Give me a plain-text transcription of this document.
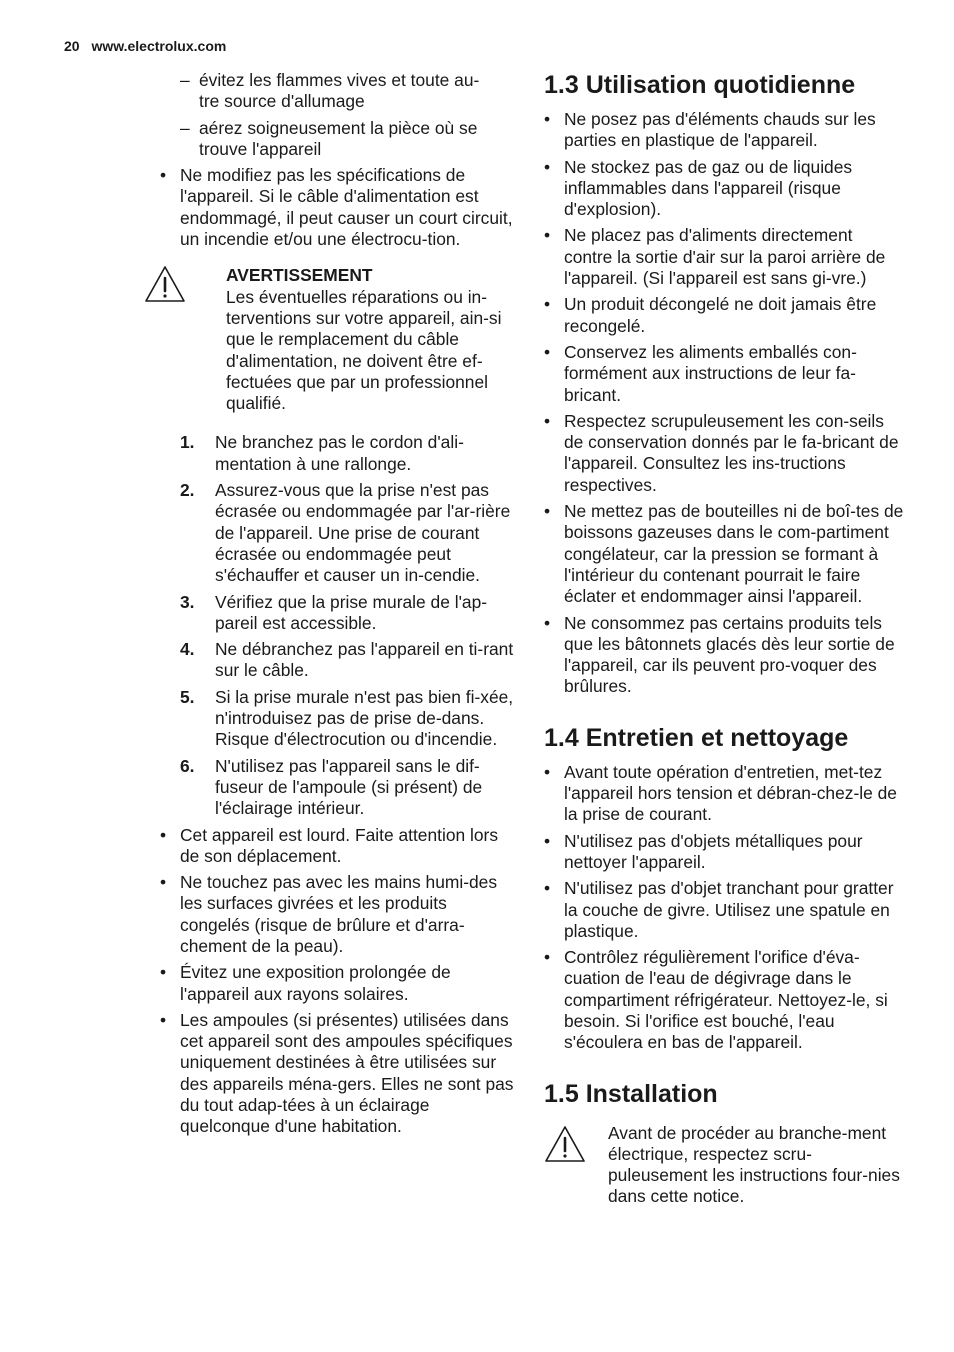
20 www.electrolux.com
– évitez les flammes vives et toute au-
tre source d'allumage
– aérez soigneusement la pièce où se
trouve l'appareil
• Ne modifiez pas les spécifications de l'appareil. Si le câble d'alimentation est endommagé, il peut causer un court circuit, un incendie et/ou une électrocu-tion.
AVERTISSEMENT
Les éventuelles réparations ou in-terventions sur votre appareil, ain-si que le remplacement du câble d'alimentation, ne doivent être ef-fectuées que par un professionnel qualifié.
1. Ne branchez pas le cordon d'ali-mentation à une rallonge.
2. Assurez-vous que la prise n'est pas écrasée ou endommagée par l'ar-rière de l'appareil. Une prise de courant écrasée ou endommagée peut s'échauffer et causer un in-cendie.
3. Vérifiez que la prise murale de l'ap-pareil est accessible.
4. Ne débranchez pas l'appareil en ti-rant sur le câble.
5. Si la prise murale n'est pas bien fi-xée, n'introduisez pas de prise de-dans. Risque d'électrocution ou d'incendie.
6. N'utilisez pas l'appareil sans le dif-fuseur de l'ampoule (si présent) de l'éclairage intérieur.
• Cet appareil est lourd. Faite attention lors de son déplacement.
• Ne touchez pas avec les mains humi-des les surfaces givrées et les produits congelés (risque de brûlure et d'arra-chement de la peau).
• Évitez une exposition prolongée de l'appareil aux rayons solaires.
• Les ampoules (si présentes) utilisées dans cet appareil sont des ampoules spécifiques uniquement destinées à être utilisées sur des appareils ména-gers. Elles ne sont pas du tout adap-tées à un éclairage quelconque d'une habitation.
1.3 Utilisation quotidienne
• Ne posez pas d'éléments chauds sur les parties en plastique de l'appareil.
• Ne stockez pas de gaz ou de liquides inflammables dans l'appareil (risque d'explosion).
• Ne placez pas d'aliments directement contre la sortie d'air sur la paroi arrière de l'appareil. (Si l'appareil est sans gi-vre.)
• Un produit décongelé ne doit jamais être recongelé.
• Conservez les aliments emballés con-formément aux instructions de leur fa-bricant.
• Respectez scrupuleusement les con-seils de conservation donnés par le fa-bricant de l'appareil. Consultez les ins-tructions respectives.
• Ne mettez pas de bouteilles ni de boî-tes de boissons gazeuses dans le com-partiment congélateur, car la pression se formant à l'intérieur du contenant pourrait le faire éclater et endommager ainsi l'appareil.
• Ne consommez pas certains produits tels que les bâtonnets glacés dès leur sortie de l'appareil, car ils peuvent pro-voquer des brûlures.
1.4 Entretien et nettoyage
• Avant toute opération d'entretien, met-tez l'appareil hors tension et débran-chez-le de la prise de courant.
• N'utilisez pas d'objets métalliques pour nettoyer l'appareil.
• N'utilisez pas d'objet tranchant pour gratter la couche de givre. Utilisez une spatule en plastique.
• Contrôlez régulièrement l'orifice d'éva-cuation de l'eau de dégivrage dans le compartiment réfrigérateur. Nettoyez-le, si besoin. Si l'orifice est bouché, l'eau s'écoulera en bas de l'appareil.
1.5 Installation
Avant de procéder au branche-ment électrique, respectez scru-puleusement les instructions four-nies dans cette notice.
